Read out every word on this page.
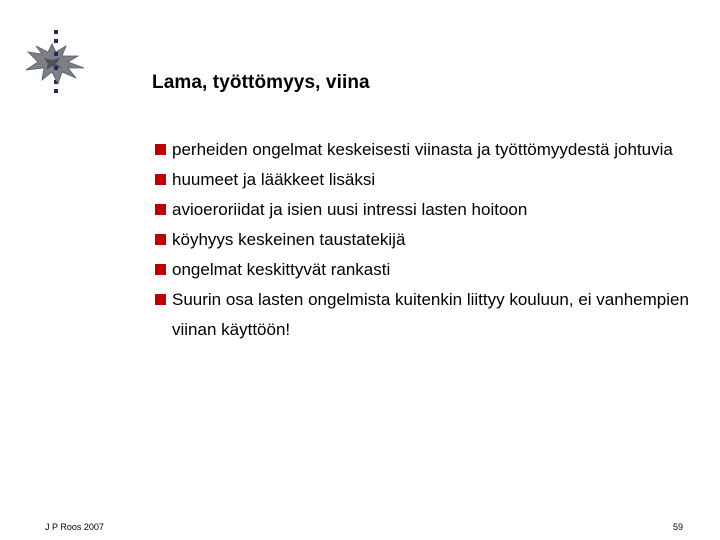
Lama, työttömyys, viina
perheiden ongelmat keskeisesti viinasta ja työttömyydestä johtuvia
huumeet ja lääkkeet lisäksi
avioeroriidat ja isien uusi intressi lasten hoitoon
köyhyys keskeinen taustatekijä
ongelmat keskittyvät rankasti
Suurin osa lasten ongelmista kuitenkin liittyy kouluun, ei vanhempien viinan käyttöön!
J P Roos 2007	59
